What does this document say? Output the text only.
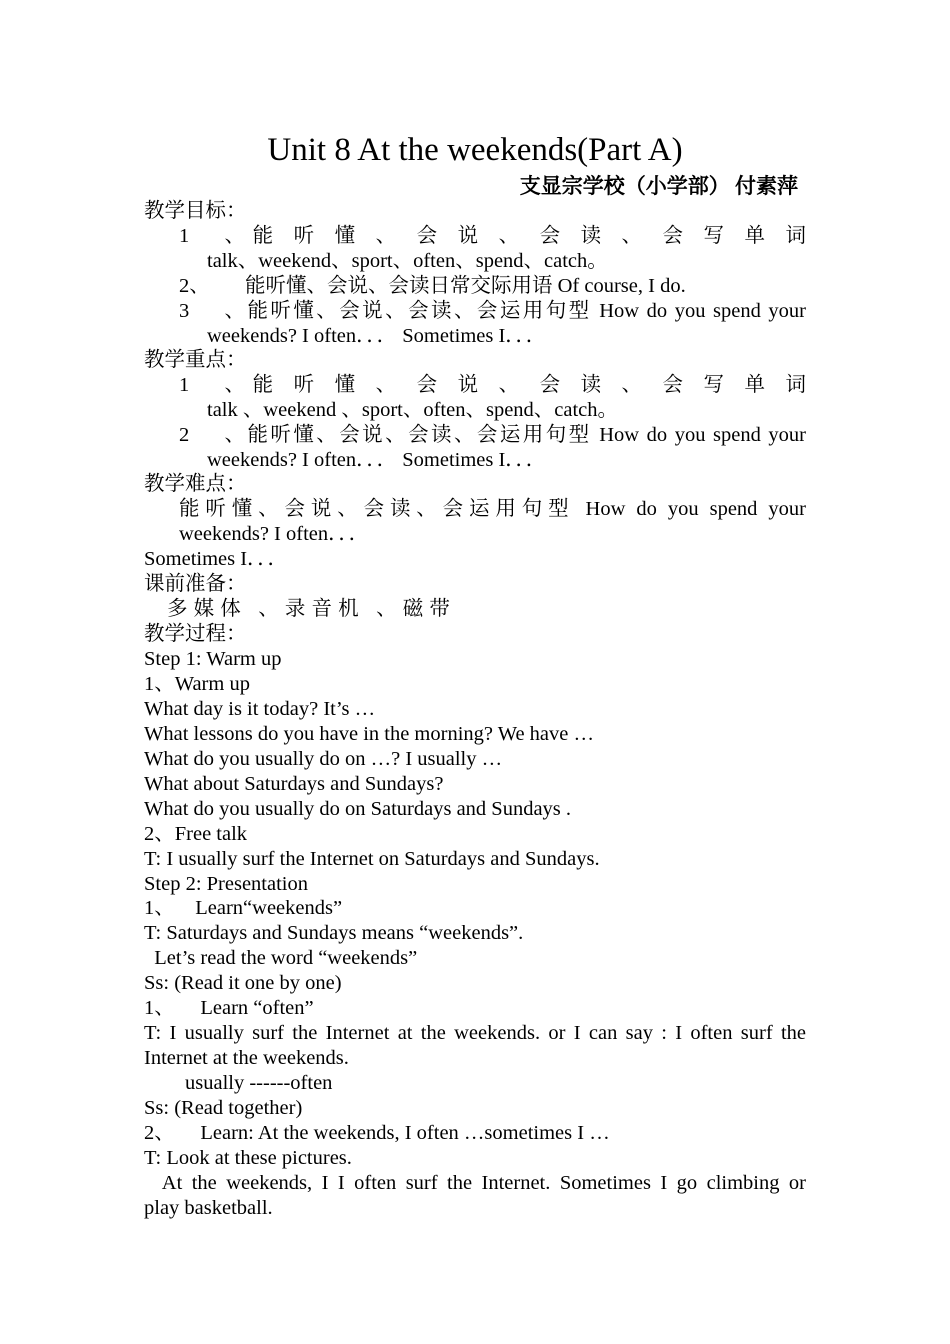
Unit 8 At the weekends(Part A)
支显宗学校（小学部） 付素萍
教学目标：
1、能 听 懂 、 会 说 、 会 读 、 会 写 单 词
talk、weekend、sport、often、spend、catch。
2、 能听懂、会说、会读日常交际用语 Of course, I do.
3、能听懂、会说、会读、会运用句型 How do you spend your
weekends? I often．．． Sometimes I．．．
教学重点：
1、能 听 懂 、 会 说 、 会 读 、 会 写 单 词
talk 、weekend 、sport、often、spend、catch。
2、能听懂、会说、会读、会运用句型 How do you spend your
weekends? I often．．． Sometimes I．．．
教学难点：
能听懂、会说、会读、会运用句型 How do you spend your
weekends? I often．．．
Sometimes I．．．
课前准备：
多媒体 、录音机 、磁带
教学过程：
Step 1: Warm up
1、Warm up
What day is it today? It’s …
What lessons do you have in the morning? We have …
What do you usually do on …? I usually …
What about Saturdays and Sundays?
What do you usually do on Saturdays and Sundays .
2、Free talk
T: I usually surf the Internet on Saturdays and Sundays.
Step 2: Presentation
1、    Learn“weekends”
T: Saturdays and Sundays means “weekends”.
Let’s read the word “weekends”
Ss: (Read it one by one)
1、     Learn “often”
T: I usually surf the Internet at the weekends. or I can say : I often surf the
Internet at the weekends.
usually ------often
Ss: (Read together)
2、     Learn: At the weekends, I often …sometimes I …
T: Look at these pictures.
At the weekends, I I often surf the Internet. Sometimes I go climbing or
play basketball.
